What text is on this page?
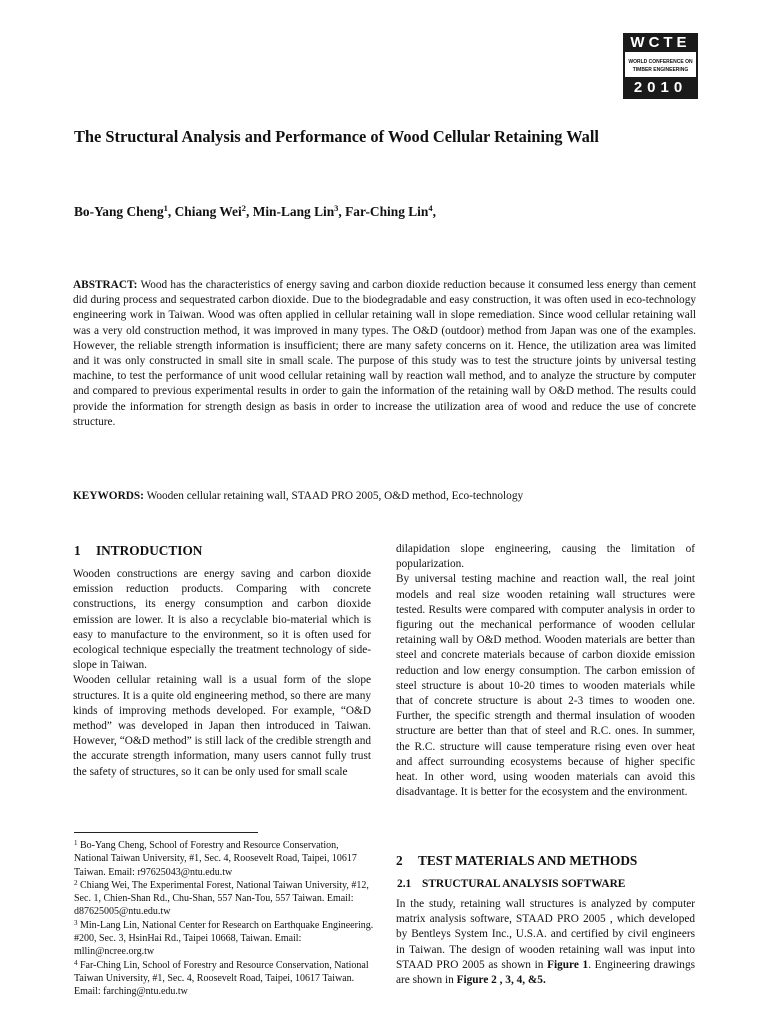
WCTE
WORLD CONFERENCE ON
TIMBER ENGINEERING
2010
The Structural Analysis and Performance of Wood Cellular Retaining Wall
Bo-Yang Cheng$^1$, Chiang Wei$^2$, Min-Lang Lin$^3$, Far-Ching Lin$^4$,
ABSTRACT: Wood has the characteristics of energy saving and carbon dioxide reduction because it consumed less energy than cement did during process and sequestrated carbon dioxide. Due to the biodegradable and easy construction, it was often used in eco-technology engineering work in Taiwan. Wood was often applied in cellular retaining wall in slope remediation. Since wood cellular retaining wall was a very old construction method, it was improved in many types. The O&D (outdoor) method from Japan was one of the examples. However, the reliable strength information is insufficient; there are many safety concerns on it. Hence, the utilization area was limited and it was only constructed in small site in small scale. The purpose of this study was to test the structure joints by universal testing machine, to test the performance of unit wood cellular retaining wall by reaction wall method, and to analyze the structure by computer and compared to previous experimental results in order to gain the information of the retaining wall by O&D method. The results could provide the information for strength design as basis in order to increase the utilization area of wood and reduce the use of concrete structure.
KEYWORDS: Wooden cellular retaining wall, STAAD PRO 2005, O&D method, Eco-technology
1 INTRODUCTION
Wooden constructions are energy saving and carbon dioxide emission reduction products. Comparing with concrete constructions, its energy consumption and carbon dioxide emission are lower. It is also a recyclable bio-material which is easy to manufacture to the environment, so it is often used for ecological technique especially the treatment technology of side-slope in Taiwan.
Wooden cellular retaining wall is a usual form of the slope structures. It is a quite old engineering method, so there are many kinds of improving methods developed. For example, “O&D method” was developed in Japan then introduced in Taiwan. However, “O&D method” is still lack of the credible strength and the accurate strength information, many users cannot fully trust the safety of structures, so it can be only used for small scale
$^1$ Bo-Yang Cheng, School of Forestry and Resource Conservation, National Taiwan University, #1, Sec. 4, Roosevelt Road, Taipei, 10617 Taiwan. Email: r97625043@ntu.edu.tw
$^2$ Chiang Wei, The Experimental Forest, National Taiwan University, #12, Sec. 1, Chien-Shan Rd., Chu-Shan, 557 Nan-Tou, 557 Taiwan. Email: d87625005@ntu.edu.tw
$^3$ Min-Lang Lin, National Center for Research on Earthquake Engineering. #200, Sec. 3, HsinHai Rd., Taipei 10668, Taiwan. Email: mllin@ncree.org.tw
$^4$ Far-Ching Lin, School of Forestry and Resource Conservation, National Taiwan University, #1, Sec. 4, Roosevelt Road, Taipei, 10617 Taiwan. Email: farching@ntu.edu.tw
dilapidation slope engineering, causing the limitation of popularization.
By universal testing machine and reaction wall, the real joint models and real size wooden retaining wall structures were tested. Results were compared with computer analysis in order to figuring out the mechanical performance of wooden cellular retaining wall by O&D method. Wooden materials are better than steel and concrete materials because of carbon dioxide emission reduction and low energy consumption. The carbon emission of steel structure is about 10-20 times to wooden materials while that of concrete structure is about 2-3 times to wooden one. Further, the specific strength and thermal insulation of wooden structure are better than that of steel and R.C. ones. In summer, the R.C. structure will cause temperature rising even over heat and affect surrounding ecosystems because of higher specific heat. In other word, using wooden materials can avoid this disadvantage. It is better for the ecosystem and the environment.
2 TEST MATERIALS AND METHODS
2.1 STRUCTURAL ANALYSIS SOFTWARE
In the study, retaining wall structures is analyzed by computer matrix analysis software, STAAD PRO 2005 , which developed by Bentleys System Inc., U.S.A. and certified by civil engineers in Taiwan. The design of wooden retaining wall was input into STAAD PRO 2005 as shown in Figure 1. Engineering drawings are shown in Figure 2 , 3, 4, &5.
